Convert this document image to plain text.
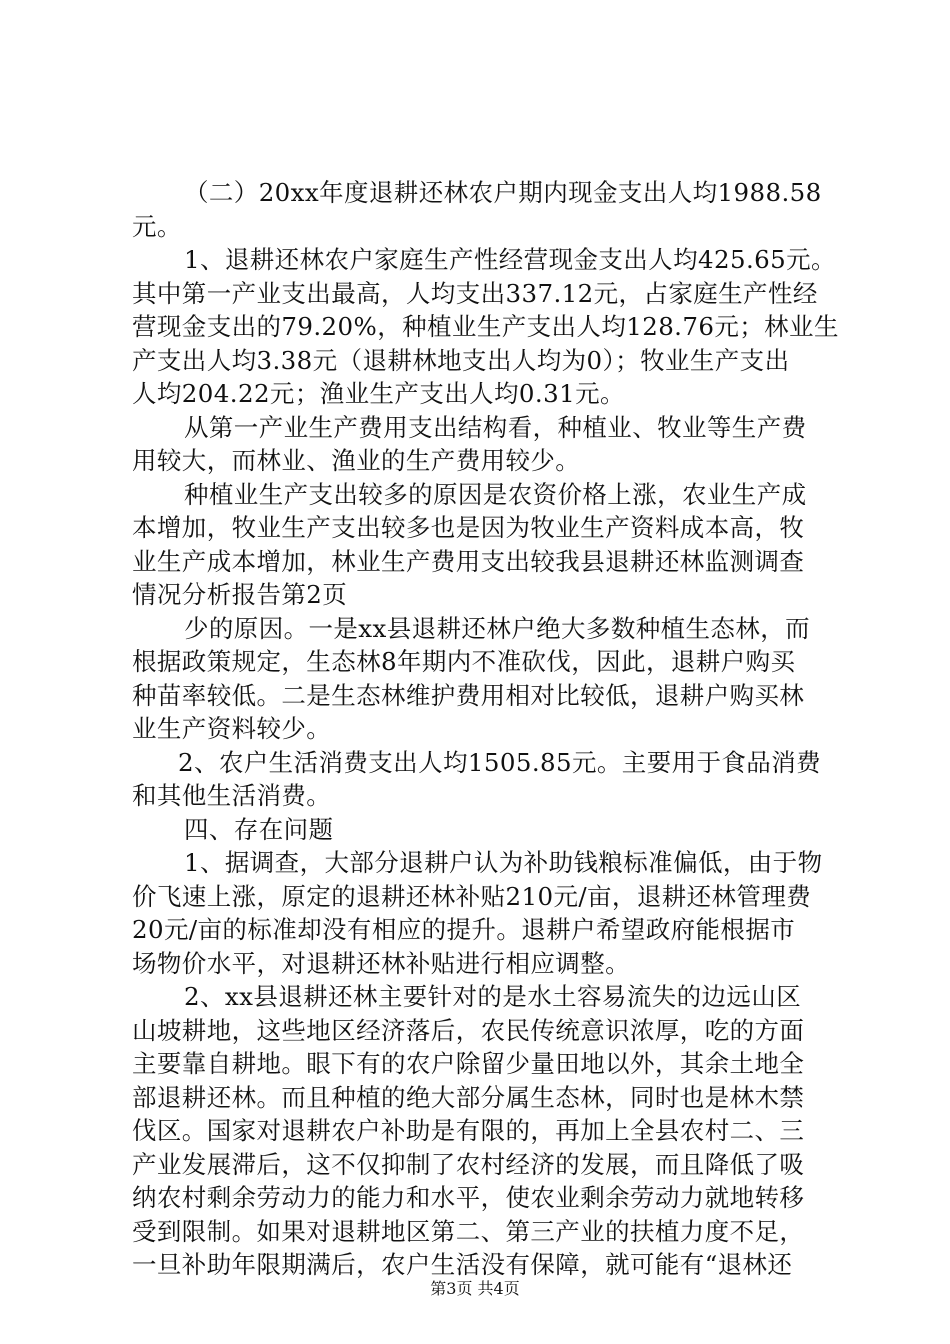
（二）20xx年度退耕还林农户期内现金支出人均1988.58
元。
1、退耕还林农户家庭生产性经营现金支出人均425.65元。
其中第一产业支出最高，人均支出337.12元，占家庭生产性经
营现金支出的79.20%，种植业生产支出人均128.76元；林业生
产支出人均3.38元（退耕林地支出人均为0）；牧业生产支出
人均204.22元；渔业生产支出人均0.31元。
从第一产业生产费用支出结构看，种植业、牧业等生产费
用较大，而林业、渔业的生产费用较少。
种植业生产支出较多的原因是农资价格上涨，农业生产成
本增加，牧业生产支出较多也是因为牧业生产资料成本高，牧
业生产成本增加，林业生产费用支出较我县退耕还林监测调查
情况分析报告第2页
少的原因。一是xx县退耕还林户绝大多数种植生态林，而
根据政策规定，生态林8年期内不准砍伐，因此，退耕户购买
种苗率较低。二是生态林维护费用相对比较低，退耕户购买林
业生产资料较少。
2、农户生活消费支出人均1505.85元。主要用于食品消费
和其他生活消费。
四、存在问题
1、据调查，大部分退耕户认为补助钱粮标准偏低，由于物
价飞速上涨，原定的退耕还林补贴210元/亩，退耕还林管理费
20元/亩的标准却没有相应的提升。退耕户希望政府能根据市
场物价水平，对退耕还林补贴进行相应调整。
2、xx县退耕还林主要针对的是水土容易流失的边远山区
山坡耕地，这些地区经济落后，农民传统意识浓厚，吃的方面
主要靠自耕地。眼下有的农户除留少量田地以外，其余土地全
部退耕还林。而且种植的绝大部分属生态林，同时也是林木禁
伐区。国家对退耕农户补助是有限的，再加上全县农村二、三
产业发展滞后，这不仅抑制了农村经济的发展，而且降低了吸
纳农村剩余劳动力的能力和水平，使农业剩余劳动力就地转移
受到限制。如果对退耕地区第二、第三产业的扶植力度不足，
一旦补助年限期满后，农户生活没有保障，就可能有“退林还
第3页 共4页
